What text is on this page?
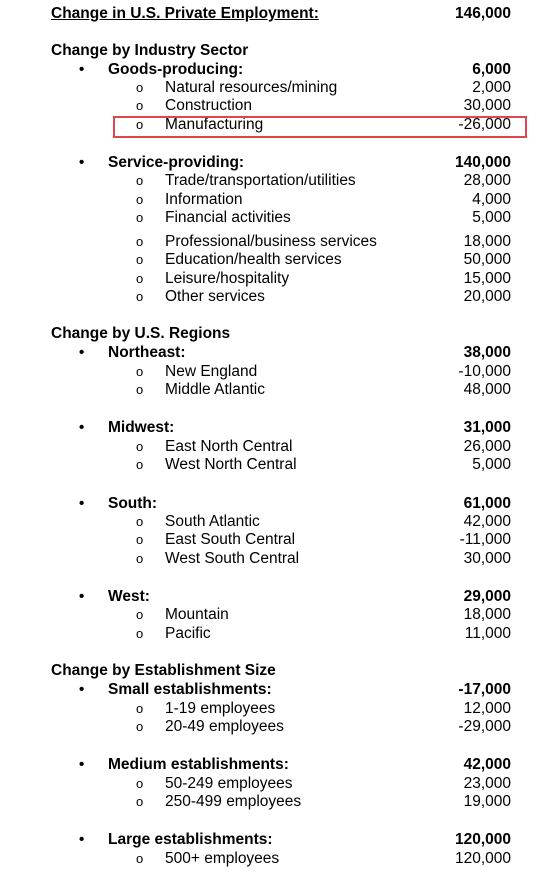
Change in U.S. Private Employment:	146,000
Change by Industry Sector
• Goods-producing:	6,000
o Natural resources/mining	2,000
o Construction	30,000
o Manufacturing	-26,000
• Service-providing:	140,000
o Trade/transportation/utilities	28,000
o Information	4,000
o Financial activities	5,000
o Professional/business services	18,000
o Education/health services	50,000
o Leisure/hospitality	15,000
o Other services	20,000
Change by U.S. Regions
• Northeast:	38,000
o New England	-10,000
o Middle Atlantic	48,000
• Midwest:	31,000
o East North Central	26,000
o West North Central	5,000
• South:	61,000
o South Atlantic	42,000
o East South Central	-11,000
o West South Central	30,000
• West:	29,000
o Mountain	18,000
o Pacific	11,000
Change by Establishment Size
• Small establishments:	-17,000
o 1-19 employees	12,000
o 20-49 employees	-29,000
• Medium establishments:	42,000
o 50-249 employees	23,000
o 250-499 employees	19,000
• Large establishments:	120,000
o 500+ employees	120,000
